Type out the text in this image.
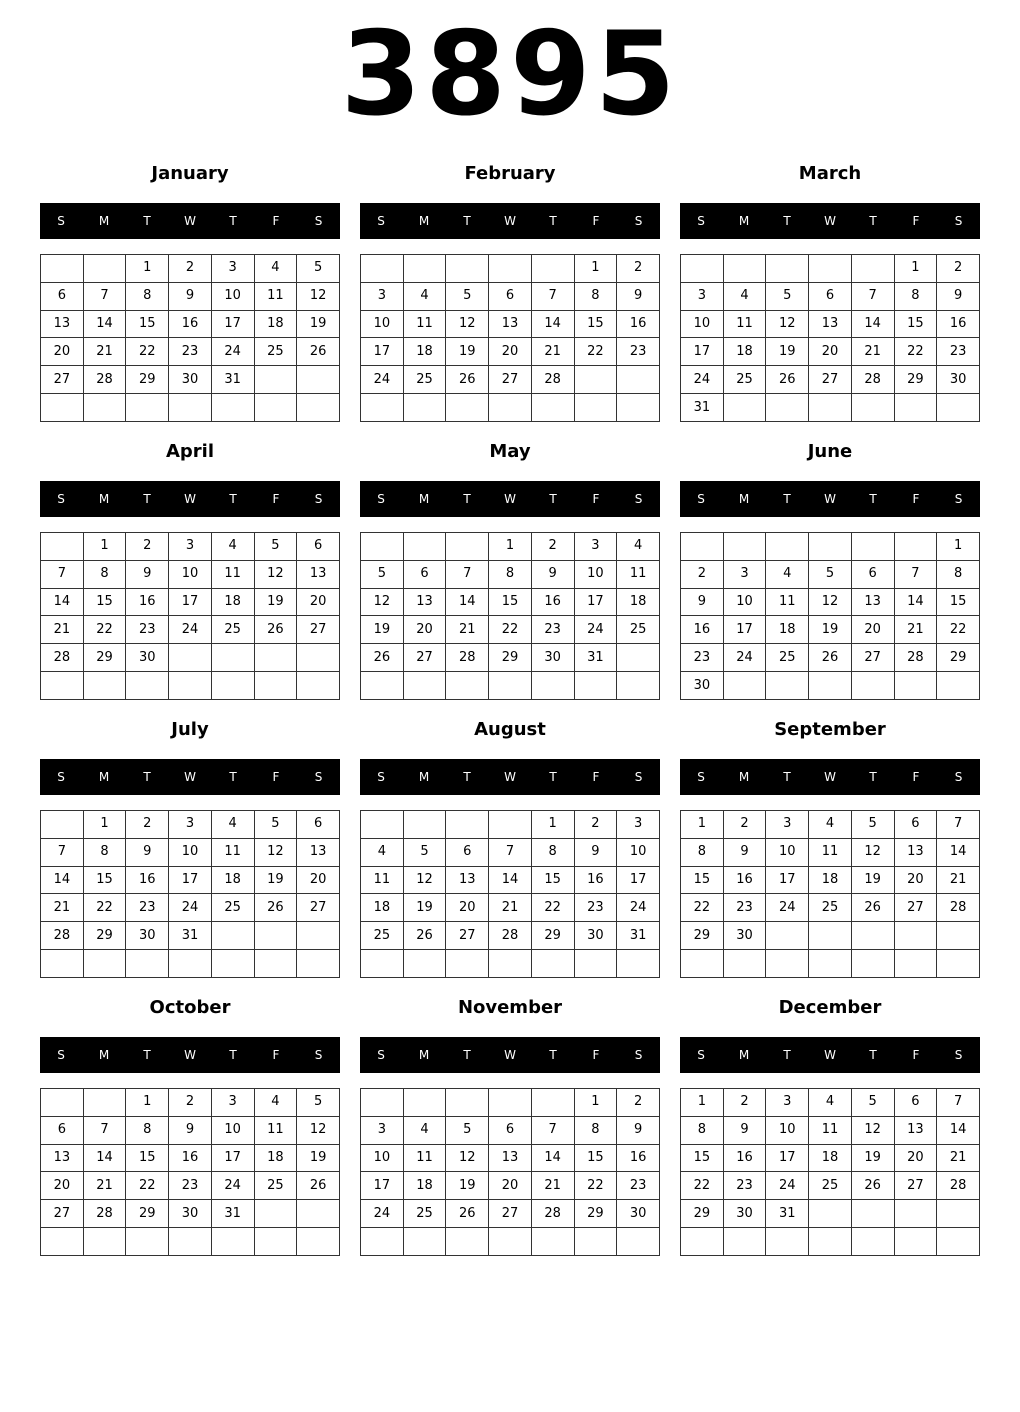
3895
January
S	M	T	W	T	F	S
		1	2	3	4	5
6	7	8	9	10	11	12
13	14	15	16	17	18	19
20	21	22	23	24	25	26
27	28	29	30	31		

February
S	M	T	W	T	F	S
					1	2
3	4	5	6	7	8	9
10	11	12	13	14	15	16
17	18	19	20	21	22	23
24	25	26	27	28		

March
S	M	T	W	T	F	S
					1	2
3	4	5	6	7	8	9
10	11	12	13	14	15	16
17	18	19	20	21	22	23
24	25	26	27	28	29	30
31						
April
S	M	T	W	T	F	S
	1	2	3	4	5	6
7	8	9	10	11	12	13
14	15	16	17	18	19	20
21	22	23	24	25	26	27
28	29	30				

May
S	M	T	W	T	F	S
			1	2	3	4
5	6	7	8	9	10	11
12	13	14	15	16	17	18
19	20	21	22	23	24	25
26	27	28	29	30	31	

June
S	M	T	W	T	F	S
						1
2	3	4	5	6	7	8
9	10	11	12	13	14	15
16	17	18	19	20	21	22
23	24	25	26	27	28	29
30						
July
S	M	T	W	T	F	S
	1	2	3	4	5	6
7	8	9	10	11	12	13
14	15	16	17	18	19	20
21	22	23	24	25	26	27
28	29	30	31			

August
S	M	T	W	T	F	S
				1	2	3
4	5	6	7	8	9	10
11	12	13	14	15	16	17
18	19	20	21	22	23	24
25	26	27	28	29	30	31

September
S	M	T	W	T	F	S
1	2	3	4	5	6	7
8	9	10	11	12	13	14
15	16	17	18	19	20	21
22	23	24	25	26	27	28
29	30					

October
S	M	T	W	T	F	S
		1	2	3	4	5
6	7	8	9	10	11	12
13	14	15	16	17	18	19
20	21	22	23	24	25	26
27	28	29	30	31		

November
S	M	T	W	T	F	S
					1	2
3	4	5	6	7	8	9
10	11	12	13	14	15	16
17	18	19	20	21	22	23
24	25	26	27	28	29	30

December
S	M	T	W	T	F	S
1	2	3	4	5	6	7
8	9	10	11	12	13	14
15	16	17	18	19	20	21
22	23	24	25	26	27	28
29	30	31				
